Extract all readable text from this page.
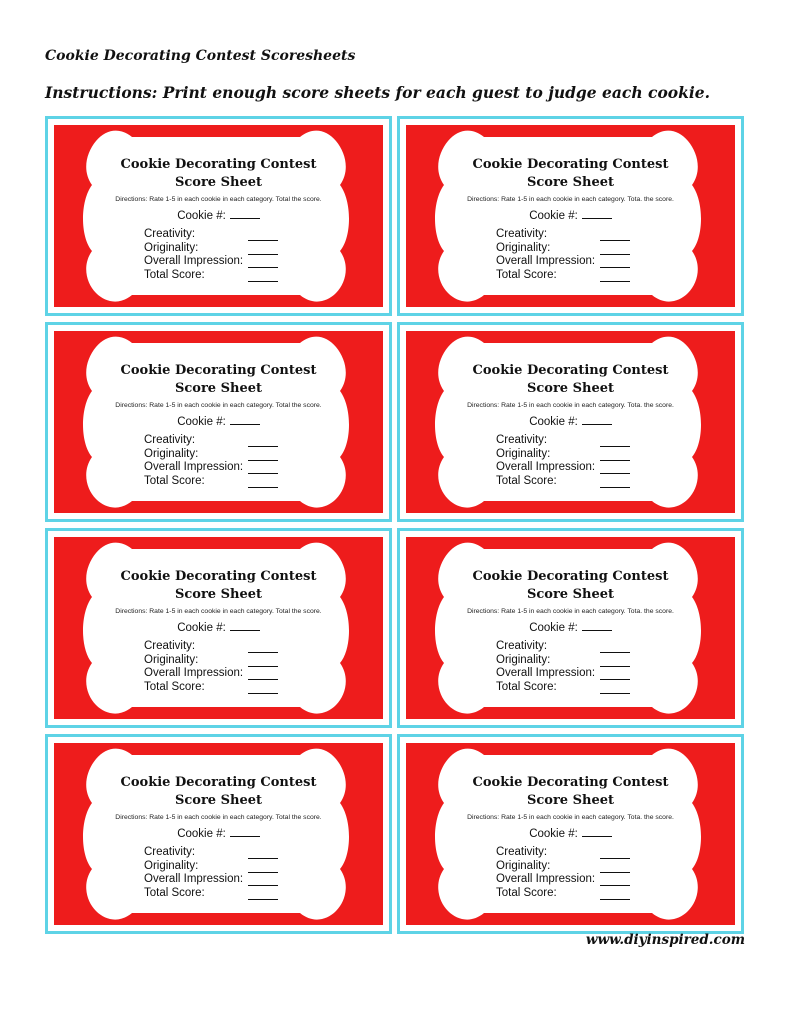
Cookie Decorating Contest Scoresheets
Instructions: Print enough score sheets for each guest to judge each cookie.
Cookie Decorating Contest
Score Sheet
Directions: Rate 1-5 in each cookie in each category. Total the score.
Cookie #:
Creativity:
Originality:
Overall Impression:
Total Score:
Cookie Decorating Contest
Score Sheet
Directions: Rate 1-5 in each cookie in each category. Tota. the score.
Cookie #:
Creativity:
Originality:
Overall Impression:
Total Score:
Cookie Decorating Contest
Score Sheet
Directions: Rate 1-5 in each cookie in each category. Total the score.
Cookie #:
Creativity:
Originality:
Overall Impression:
Total Score:
Cookie Decorating Contest
Score Sheet
Directions: Rate 1-5 in each cookie in each category. Tota. the score.
Cookie #:
Creativity:
Originality:
Overall Impression:
Total Score:
Cookie Decorating Contest
Score Sheet
Directions: Rate 1-5 in each cookie in each category. Total the score.
Cookie #:
Creativity:
Originality:
Overall Impression:
Total Score:
Cookie Decorating Contest
Score Sheet
Directions: Rate 1-5 in each cookie in each category. Tota. the score.
Cookie #:
Creativity:
Originality:
Overall Impression:
Total Score:
Cookie Decorating Contest
Score Sheet
Directions: Rate 1-5 in each cookie in each category. Total the score.
Cookie #:
Creativity:
Originality:
Overall Impression:
Total Score:
Cookie Decorating Contest
Score Sheet
Directions: Rate 1-5 in each cookie in each category. Tota. the score.
Cookie #:
Creativity:
Originality:
Overall Impression:
Total Score:
www.diyinspired.com
